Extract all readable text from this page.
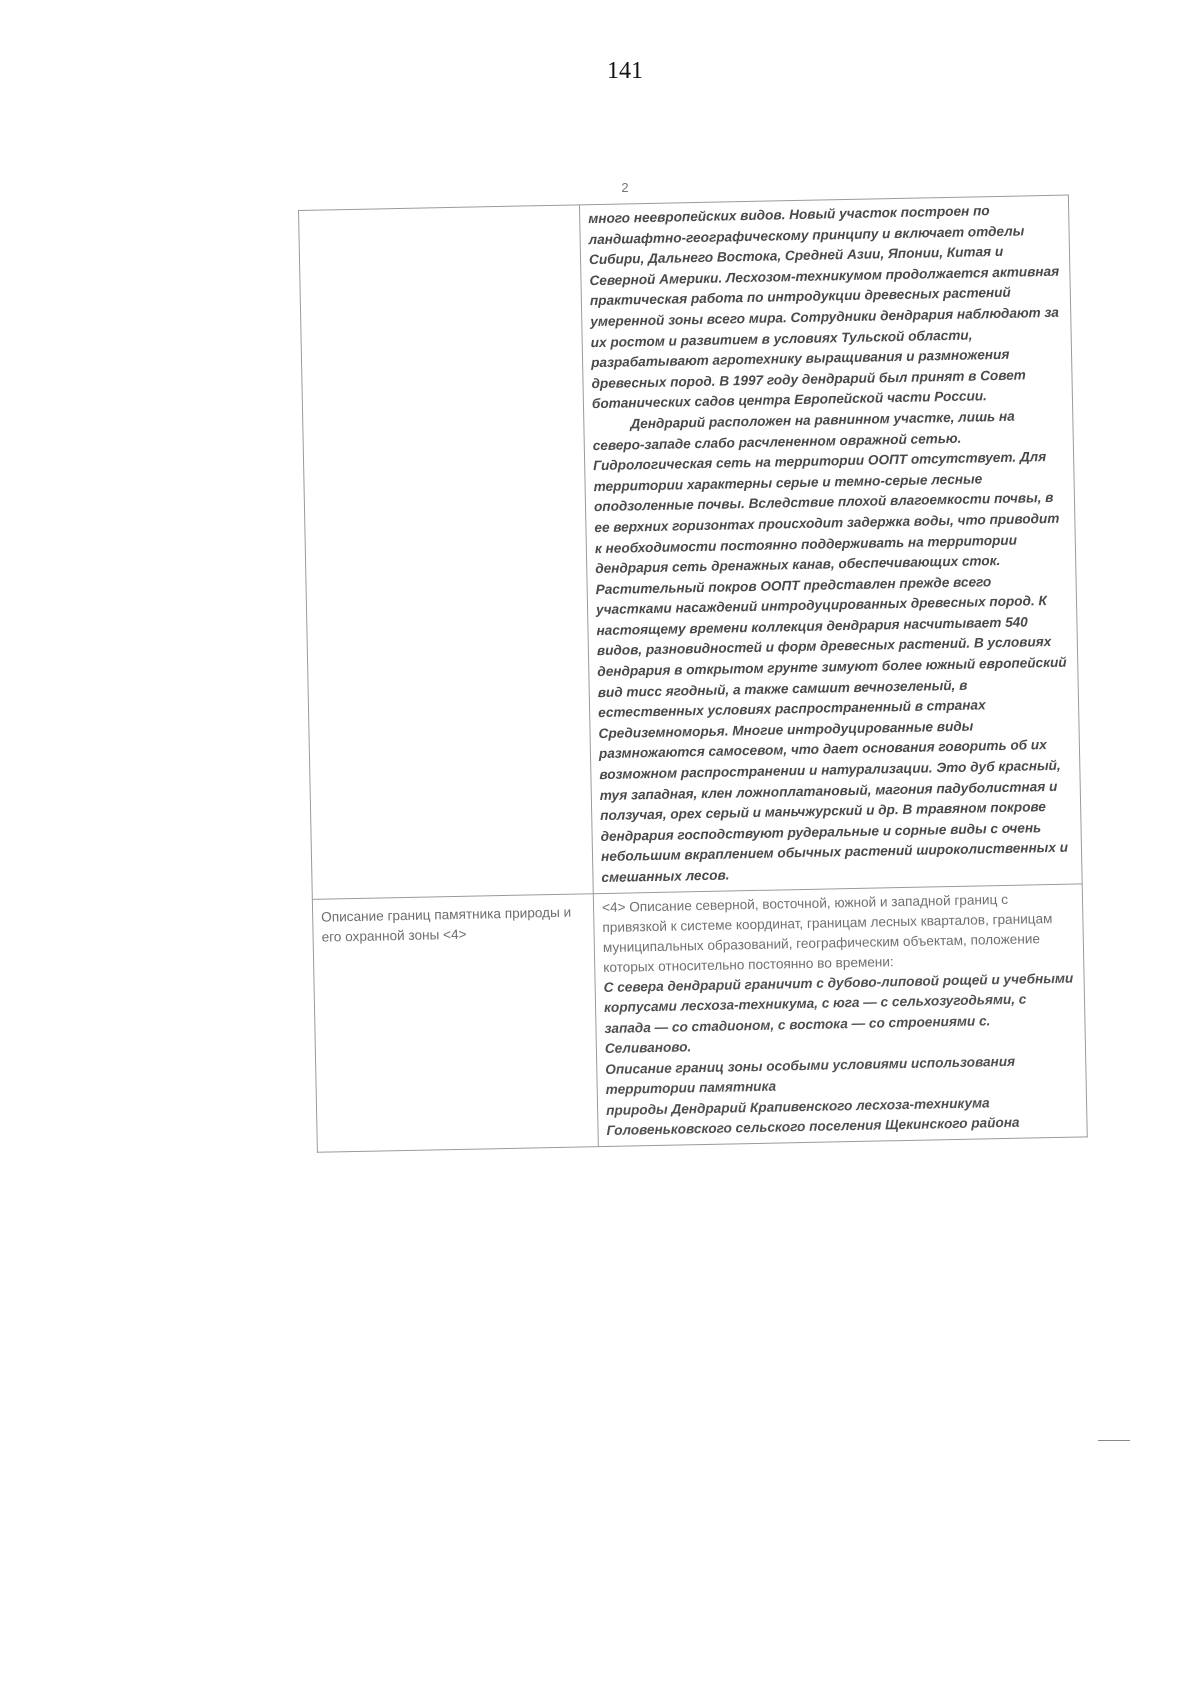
141
2

	много неевропейских видов. Новый участок построен по ландшафтно-географическому принципу и включает отделы Сибири, Дальнего Востока, Средней Азии, Японии, Китая и Северной Америки. Лесхозом-техникумом продолжается активная практическая работа по интродукции древесных растений умеренной зоны всего мира. Сотрудники дендрария наблюдают за их ростом и развитием в условиях Тульской области, разрабатывают агротехнику выращивания и размножения древесных пород. В 1997 году дендрарий был принят в Совет ботанических садов центра Европейской части России.

Дендрарий расположен на равнинном участке, лишь на северо-западе слабо расчлененном овражной сетью. Гидрологическая сеть на территории ООПТ отсутствует. Для территории характерны серые и темно-серые лесные оподзоленные почвы. Вследствие плохой влагоемкости почвы, в ее верхних горизонтах происходит задержка воды, что приводит к необходимости постоянно поддерживать на территории дендрария сеть дренажных канав, обеспечивающих сток. Растительный покров ООПТ представлен прежде всего участками насаждений интродуцированных древесных пород. К настоящему времени коллекция дендрария насчитывает 540 видов, разновидностей и форм древесных растений. В условиях дендрария в открытом грунте зимуют более южный европейский вид тисс ягодный, а также самшит вечнозеленый, в естественных условиях распространенный в странах Средиземноморья. Многие интродуцированные виды размножаются самосевом, что дает основания говорить об их возможном распространении и натурализации. Это дуб красный, туя западная, клен ложноплатановый, магония падуболистная и ползучая, орех серый и маньчжурский и др. В травяном покрове дендрария господствуют рудеральные и сорные виды с очень небольшим вкраплением обычных растений широколиственных и смешанных лесов.

Описание границ памятника природы и его охранной зоны <4>	<4> Описание северной, восточной, южной и западной границ с привязкой к системе координат, границам лесных кварталов, границам муниципальных образований, географическим объектам, положение которых относительно постоянно во времени:

С севера дендрарий граничит с дубово-липовой рощей и учебными корпусами лесхоза-техникума, с юга — с сельхозугодьями, с запада — со стадионом, с востока — со строениями с. Селиваново.

Описание границ зоны особыми условиями использования территории памятника

природы Дендрарий Крапивенского лесхоза-техникума

Головеньковского сельского поселения Щекинского района
